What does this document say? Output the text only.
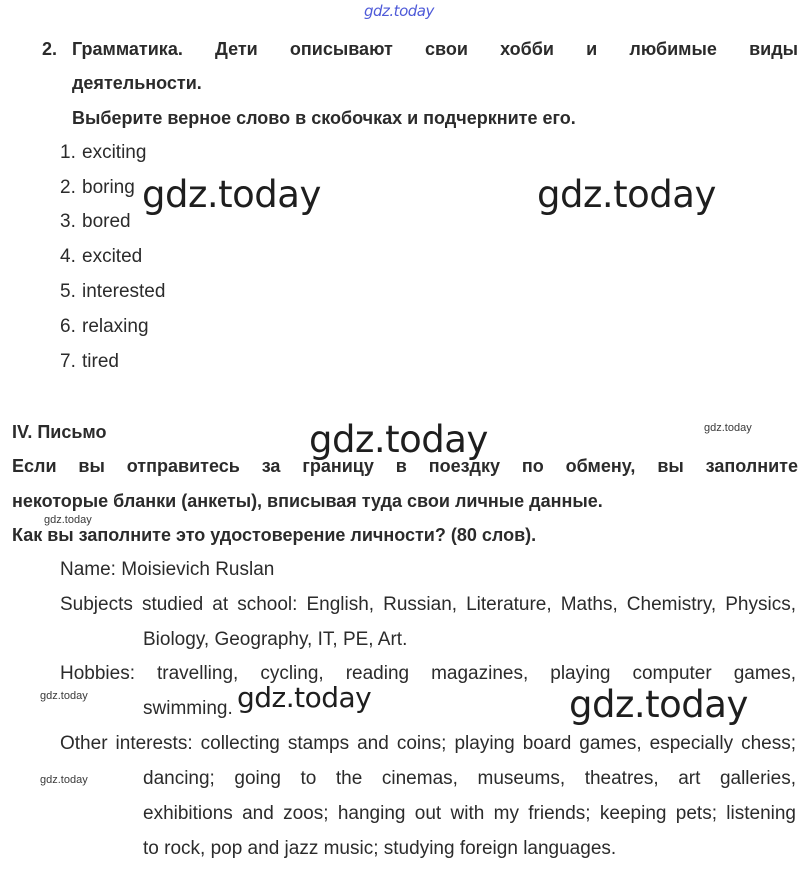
gdz.today
2. Грамматика. Дети описывают свои хобби и любимые виды
деятельности.
Выберите верное слово в скобочках и подчеркните его.
1. exciting
2. boring
3. bored
4. excited
5. interested
6. relaxing
7. tired
IV. Письмо
Если вы отправитесь за границу в поездку по обмену, вы заполните
некоторые бланки (анкеты), вписывая туда свои личные данные.
Как вы заполните это удостоверение личности? (80 слов).
Name: Moisievich Ruslan
Subjects studied at school: English, Russian, Literature, Maths, Chemistry, Physics,
Biology, Geography, IT, PE, Art.
Hobbies: travelling, cycling, reading magazines, playing computer games,
swimming.
Other interests: collecting stamps and coins; playing board games, especially chess;
dancing; going to the cinemas, museums, theatres, art galleries,
exhibitions and zoos; hanging out with my friends; keeping pets; listening
to rock, pop and jazz music; studying foreign languages.
gdz.today	gdz.today
gdz.today
gdz.today
gdz.today
gdz.today
gdz.today
gdz.today
gdz.today
